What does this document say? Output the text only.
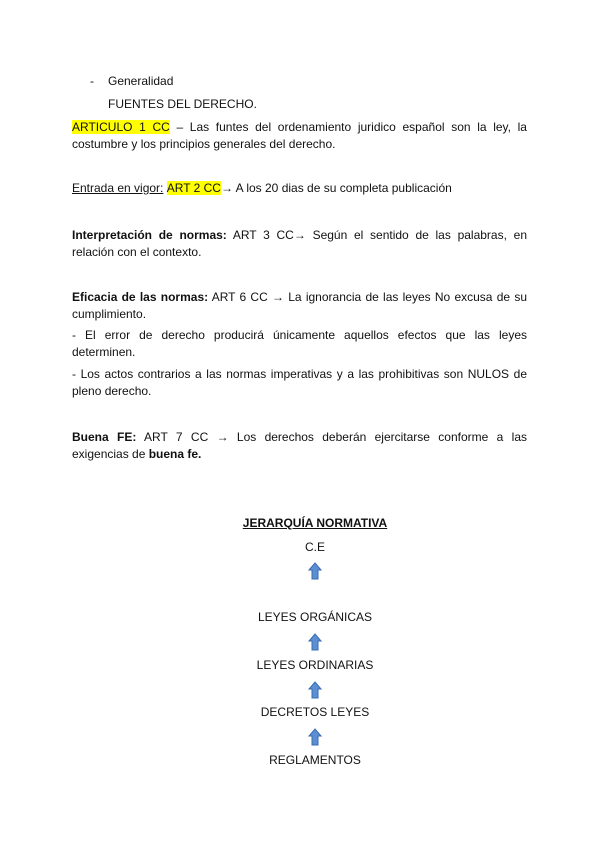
- Generalidad
FUENTES DEL DERECHO.
ARTICULO 1 CC – Las funtes del ordenamiento juridico español son la ley, la costumbre y los principios generales del derecho.
Entrada en vigor: ART 2 CC→ A los 20 dias de su completa publicación
Interpretación de normas: ART 3 CC→ Según el sentido de las palabras, en relación con el contexto.
Eficacia de las normas: ART 6 CC → La ignorancia de las leyes No excusa de su cumplimiento.
- El error de derecho producirá únicamente aquellos efectos que las leyes determinen.
- Los actos contrarios a las normas imperativas y a las prohibitivas son NULOS de pleno derecho.
Buena FE: ART 7 CC → Los derechos deberán ejercitarse conforme a las exigencias de buena fe.
JERARQUÍA NORMATIVA
C.E
LEYES ORGÁNICAS
LEYES ORDINARIAS
DECRETOS LEYES
REGLAMENTOS
